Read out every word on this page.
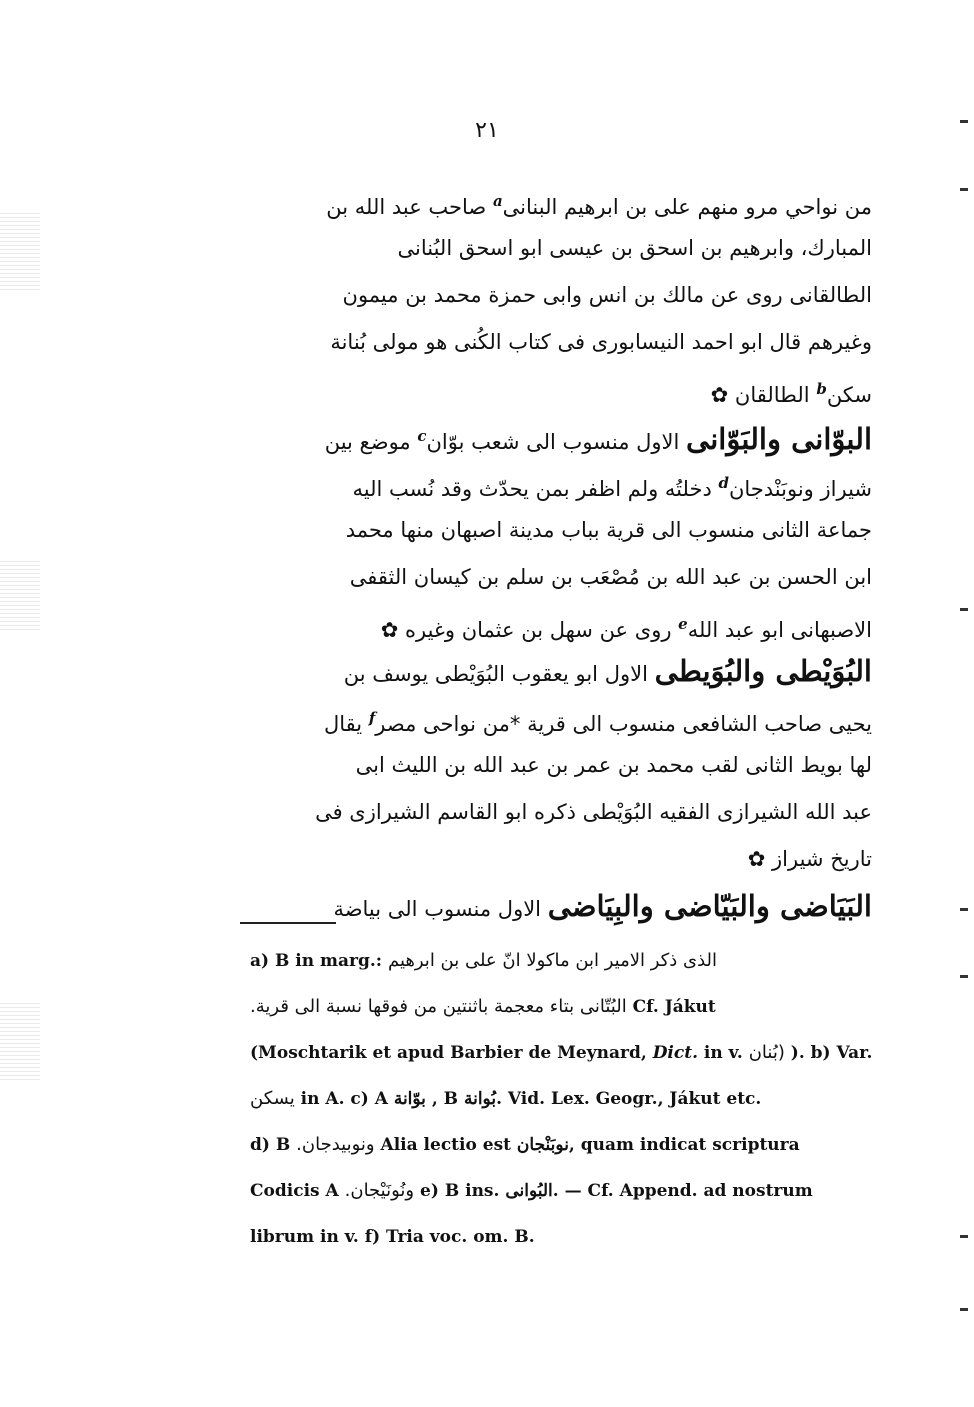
٢١
من نواحي مرو منهم على بن ابرهيم البنانى$^a$ صاحب عبد الله بن
المبارك، وابرهيم بن اسحق بن عيسى ابو اسحق البُنانى
الطالقانى روى عن مالك بن انس وابى حمزة محمد بن ميمون
وغيرهم قال ابو احمد النيسابورى فى كتاب الكُنى هو مولى بُنانة
سكن$^b$ الطالقان ✿
البوّانى والبَوّانى الاول منسوب الى شعب بوّان$^c$ موضع بين
شيراز ونوبَنْدجان$^d$ دخلتُه ولم اظفر بمن يحدّث وقد نُسب اليه
جماعة الثانى منسوب الى قرية بباب مدينة اصبهان منها محمد
ابن الحسن بن عبد الله بن مُصْعَب بن سلم بن كيسان الثقفى
الاصبهانى ابو عبد الله$^e$ روى عن سهل بن عثمان وغيره ✿
البُوَيْطى والبُوَيطى الاول ابو يعقوب البُوَيْطى يوسف بن
يحيى صاحب الشافعى منسوب الى قرية *من نواحى مصر$^f$ يقال
لها بويط الثانى لقب محمد بن عمر بن عبد الله بن الليث ابى
عبد الله الشيرازى الفقيه البُوَيْطى ذكره ابو القاسم الشيرازى فى
تاريخ شيراز ✿
البَيَاضى والبَيّاضى والبِيَاضى الاول منسوب الى بياضة
a) B in marg.: الذى ذكر الامير ابن ماكولا انّ على بن ابرهيم
البُتّانى بتاء معجمة باثنتين من فوقها نسبة الى قرية. Cf. Jákut
(Moschtarik et apud Barbier de Meynard, Dict. in v. (بُنان ). b) Var.
يسكن in A. c) A بوّانة , B بُوانة. Vid. Lex. Geogr., Jákut etc.
d) B ونوبيدجان. Alia lectio est نوبَنْجان, quam indicat scriptura
Codicis A ونُونَيْجان. e) B ins. البُوانى. — Cf. Append. ad nostrum
librum in v. f) Tria voc. om. B.
